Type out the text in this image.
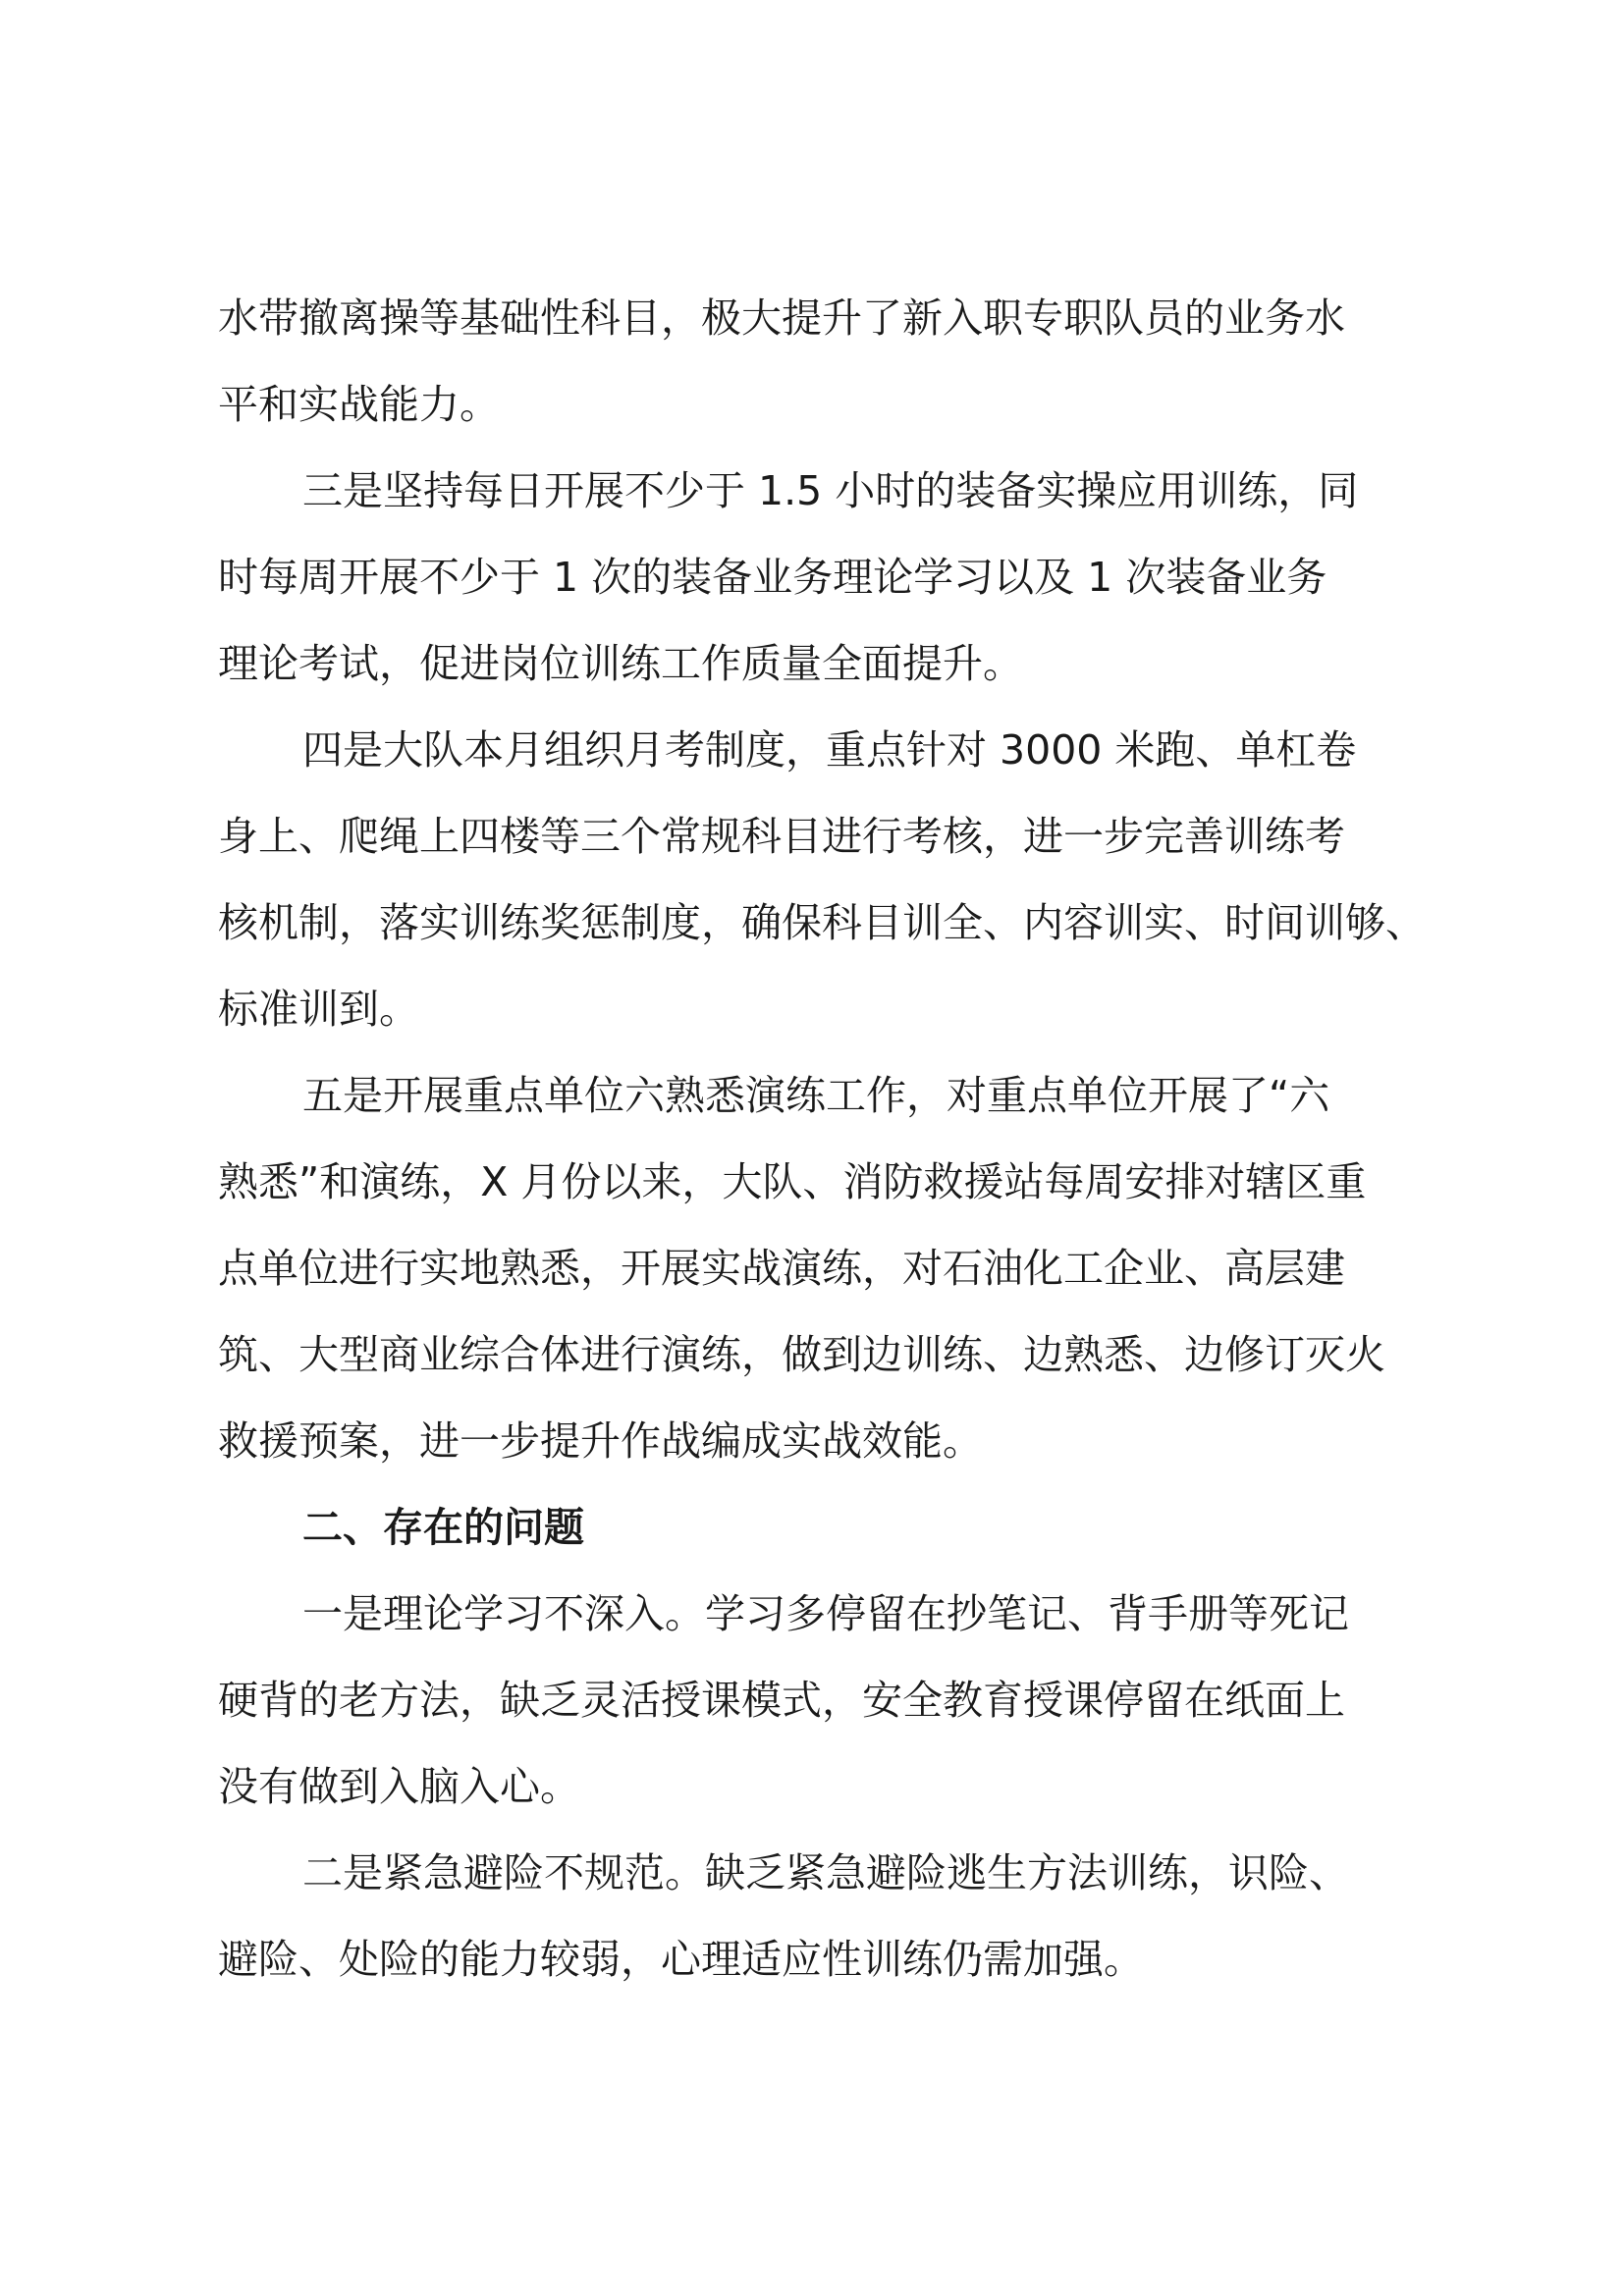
水带撤离操等基础性科目，极大提升了新入职专职队员的业务水
平和实战能力。
三是坚持每日开展不少于 1.5 小时的装备实操应用训练，同
时每周开展不少于 1 次的装备业务理论学习以及 1 次装备业务
理论考试，促进岗位训练工作质量全面提升。
四是大队本月组织月考制度，重点针对 3000 米跑、单杠卷
身上、爬绳上四楼等三个常规科目进行考核，进一步完善训练考
核机制，落实训练奖惩制度，确保科目训全、内容训实、时间训够、
标准训到。
五是开展重点单位六熟悉演练工作，对重点单位开展了“六
熟悉”和演练，X 月份以来，大队、消防救援站每周安排对辖区重
点单位进行实地熟悉，开展实战演练，对石油化工企业、高层建
筑、大型商业综合体进行演练，做到边训练、边熟悉、边修订灭火
救援预案，进一步提升作战编成实战效能。
二、存在的问题
一是理论学习不深入。学习多停留在抄笔记、背手册等死记
硬背的老方法，缺乏灵活授课模式，安全教育授课停留在纸面上
没有做到入脑入心。
二是紧急避险不规范。缺乏紧急避险逃生方法训练，识险、
避险、处险的能力较弱，心理适应性训练仍需加强。
